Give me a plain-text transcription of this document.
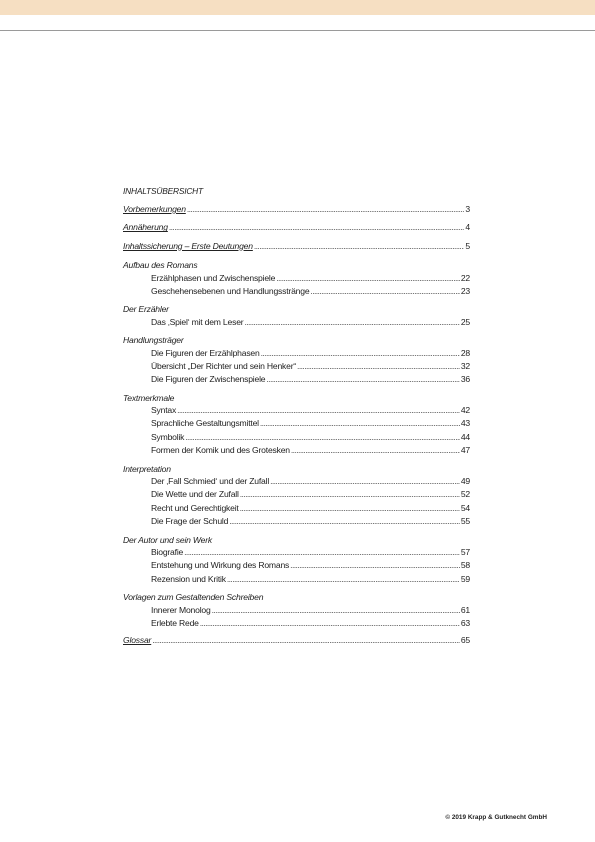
INHALTSÜBERSICHT
Vorbemerkungen .....	3
Annäherung .....	4
Inhaltssicherung – Erste Deutungen .....	5
Aufbau des Romans
Erzählphasen und Zwischenspiele .....	22
Geschehensebenen und Handlungsstränge .....	23
Der Erzähler
Das ‚Spiel‘ mit dem Leser .....	25
Handlungsträger
Die Figuren der Erzählphasen .....	28
Übersicht „Der Richter und sein Henker“ .....	32
Die Figuren der Zwischenspiele .....	36
Textmerkmale
Syntax .....	42
Sprachliche Gestaltungsmittel .....	43
Symbolik .....	44
Formen der Komik und des Grotesken .....	47
Interpretation
Der ‚Fall Schmied‘ und der Zufall .....	49
Die Wette und der Zufall .....	52
Recht und Gerechtigkeit .....	54
Die Frage der Schuld .....	55
Der Autor und sein Werk
Biografie .....	57
Entstehung und Wirkung des Romans .....	58
Rezension und Kritik .....	59
Vorlagen zum Gestaltenden Schreiben
Innerer Monolog .....	61
Erlebte Rede .....	63
Glossar .....	65
© 2019 Krapp & Gutknecht GmbH
